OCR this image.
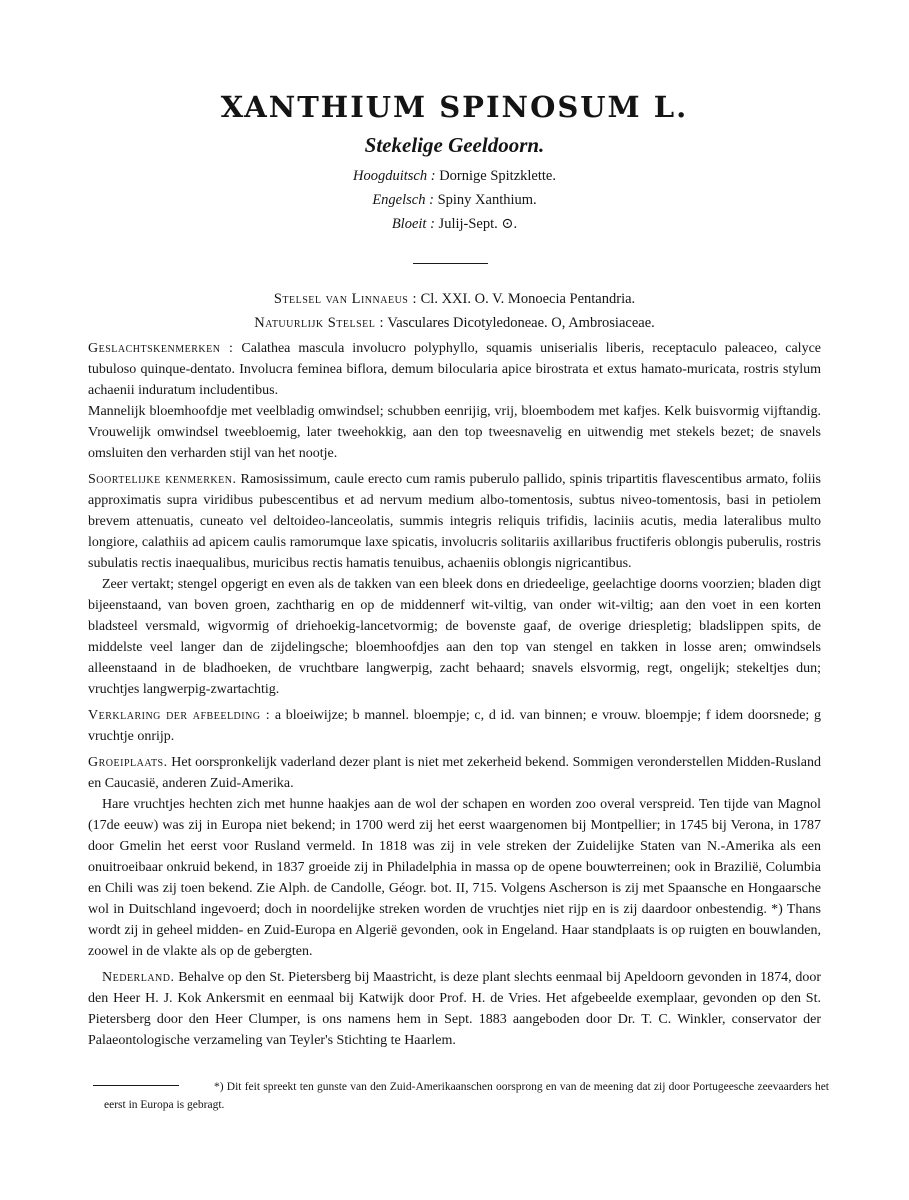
XANTHIUM SPINOSUM L.
Stekelige Geeldoorn.
Hoogduitsch : Dornige Spitzklette.
Engelsch : Spiny Xanthium.
Bloeit : Julij-Sept. ⊙.
Stelsel van Linnaeus : Cl. XXI. O. V. Monoecia Pentandria.
Natuurlijk Stelsel : Vasculares Dicotyledoneae. O, Ambrosiaceae.

Geslachtskenmerken : Calathea mascula involucro polyphyllo, squamis uniserialis liberis, receptaculo paleaceo, calyce tubuloso quinque-dentato. Involucra feminea biflora, demum bilocularia apice birostrata et extus hamato-muricata, rostris stylum achaenii induratum includentibus.

Mannelijk bloemhoofdje met veelbladig omwindsel; schubben eenrijig, vrij, bloembodem met kafjes. Kelk buisvormig vijftandig. Vrouwelijk omwindsel tweebloemig, later tweehokkig, aan den top tweesnavelig en uitwendig met stekels bezet; de snavels omsluiten den verharden stijl van het nootje.

Soortelijke kenmerken. Ramosissimum, caule erecto cum ramis puberulo pallido, spinis tripartitis flavescentibus armato, foliis approximatis supra viridibus pubescentibus et ad nervum medium albo-tomentosis, subtus niveo-tomentosis, basi in petiolem brevem attenuatis, cuneato vel deltoideo-lanceolatis, summis integris reliquis trifidis, laciniis acutis, media lateralibus multo longiore, calathiis ad apicem caulis ramorumque laxe spicatis, involucris solitariis axillaribus fructiferis oblongis puberulis, rostris subulatis rectis inaequalibus, muricibus rectis hamatis tenuibus, achaeniis oblongis nigricantibus.

Zeer vertakt; stengel opgerigt en even als de takken van een bleek dons en driedeelige, geelachtige doorns voorzien; bladen digt bijeenstaand, van boven groen, zachtharig en op de middennerf wit-viltig, van onder wit-viltig; aan den voet in een korten bladsteel versmald, wigvormig of driehoekig-lancetvormig; de bovenste gaaf, de overige driespletig; bladslippen spits, de middelste veel langer dan de zijdelingsche; bloemhoofdjes aan den top van stengel en takken in losse aren; omwindsels alleenstaand in de bladhoeken, de vruchtbare langwerpig, zacht behaard; snavels elsvormig, regt, ongelijk; stekeltjes dun; vruchtjes langwerpig-zwartachtig.

Verklaring der afbeelding : a bloeiwijze; b mannel. bloempje; c, d id. van binnen; e vrouw. bloempje; f idem doorsnede; g vruchtje onrijp.

Groeiplaats. Het oorspronkelijk vaderland dezer plant is niet met zekerheid bekend. Sommigen veronderstellen Midden-Rusland en Caucasië, anderen Zuid-Amerika.

Hare vruchtjes hechten zich met hunne haakjes aan de wol der schapen en worden zoo overal verspreid. Ten tijde van Magnol (17de eeuw) was zij in Europa niet bekend; in 1700 werd zij het eerst waargenomen bij Montpellier; in 1745 bij Verona, in 1787 door Gmelin het eerst voor Rusland vermeld. In 1818 was zij in vele streken der Zuidelijke Staten van N.-Amerika als een onuitroeibaar onkruid bekend, in 1837 groeide zij in Philadelphia in massa op de opene bouwterreinen; ook in Brazilië, Columbia en Chili was zij toen bekend. Zie Alph. de Candolle, Géogr. bot. II, 715. Volgens Ascherson is zij met Spaansche en Hongaarsche wol in Duitschland ingevoerd; doch in noordelijke streken worden de vruchtjes niet rijp en is zij daardoor onbestendig. *) Thans wordt zij in geheel midden- en Zuid-Europa en Algerië gevonden, ook in Engeland. Haar standplaats is op ruigten en bouwlanden, zoowel in de vlakte als op de gebergten.

Nederland. Behalve op den St. Pietersberg bij Maastricht, is deze plant slechts eenmaal bij Apeldoorn gevonden in 1874, door den Heer H. J. Kok Ankersmit en eenmaal bij Katwijk door Prof. H. de Vries. Het afgebeelde exemplaar, gevonden op den St. Pietersberg door den Heer Clumper, is ons namens hem in Sept. 1883 aangeboden door Dr. T. C. Winkler, conservator der Palaeontologische verzameling van Teyler's Stichting te Haarlem.

*) Dit feit spreekt ten gunste van den Zuid-Amerikaanschen oorsprong en van de meening dat zij door Portugeesche zeevaarders het eerst in Europa is gebragt.
